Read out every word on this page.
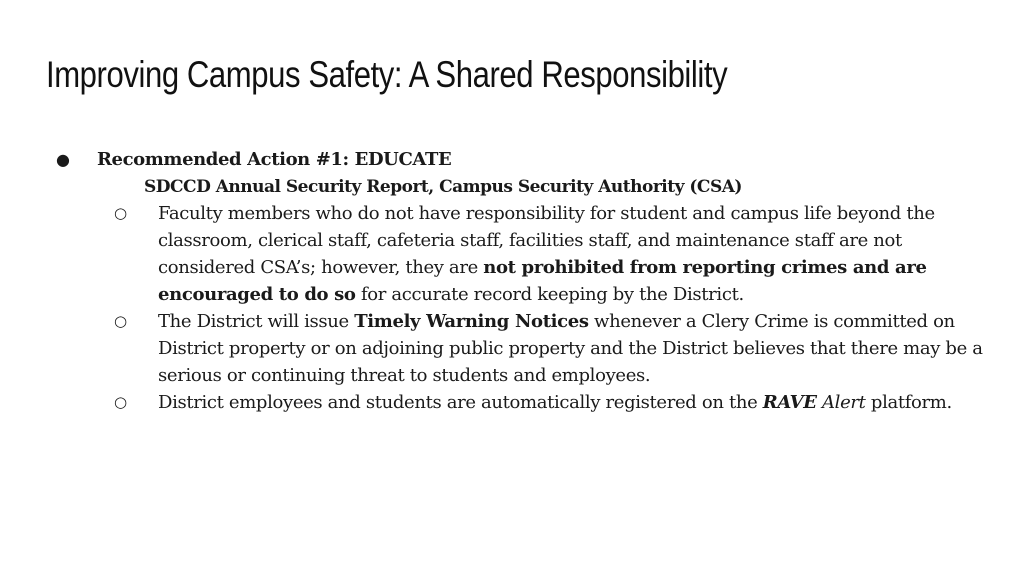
Improving Campus Safety: A Shared Responsibility
● Recommended Action #1: EDUCATE
SDCCD Annual Security Report, Campus Security Authority (CSA)
○ Faculty members who do not have responsibility for student and campus life beyond the classroom, clerical staff, cafeteria staff, facilities staff, and maintenance staff are not considered CSA’s; however, they are not prohibited from reporting crimes and are encouraged to do so for accurate record keeping by the District.
○ The District will issue Timely Warning Notices whenever a Clery Crime is committed on District property or on adjoining public property and the District believes that there may be a serious or continuing threat to students and employees.
○ District employees and students are automatically registered on the RAVE Alert platform.
